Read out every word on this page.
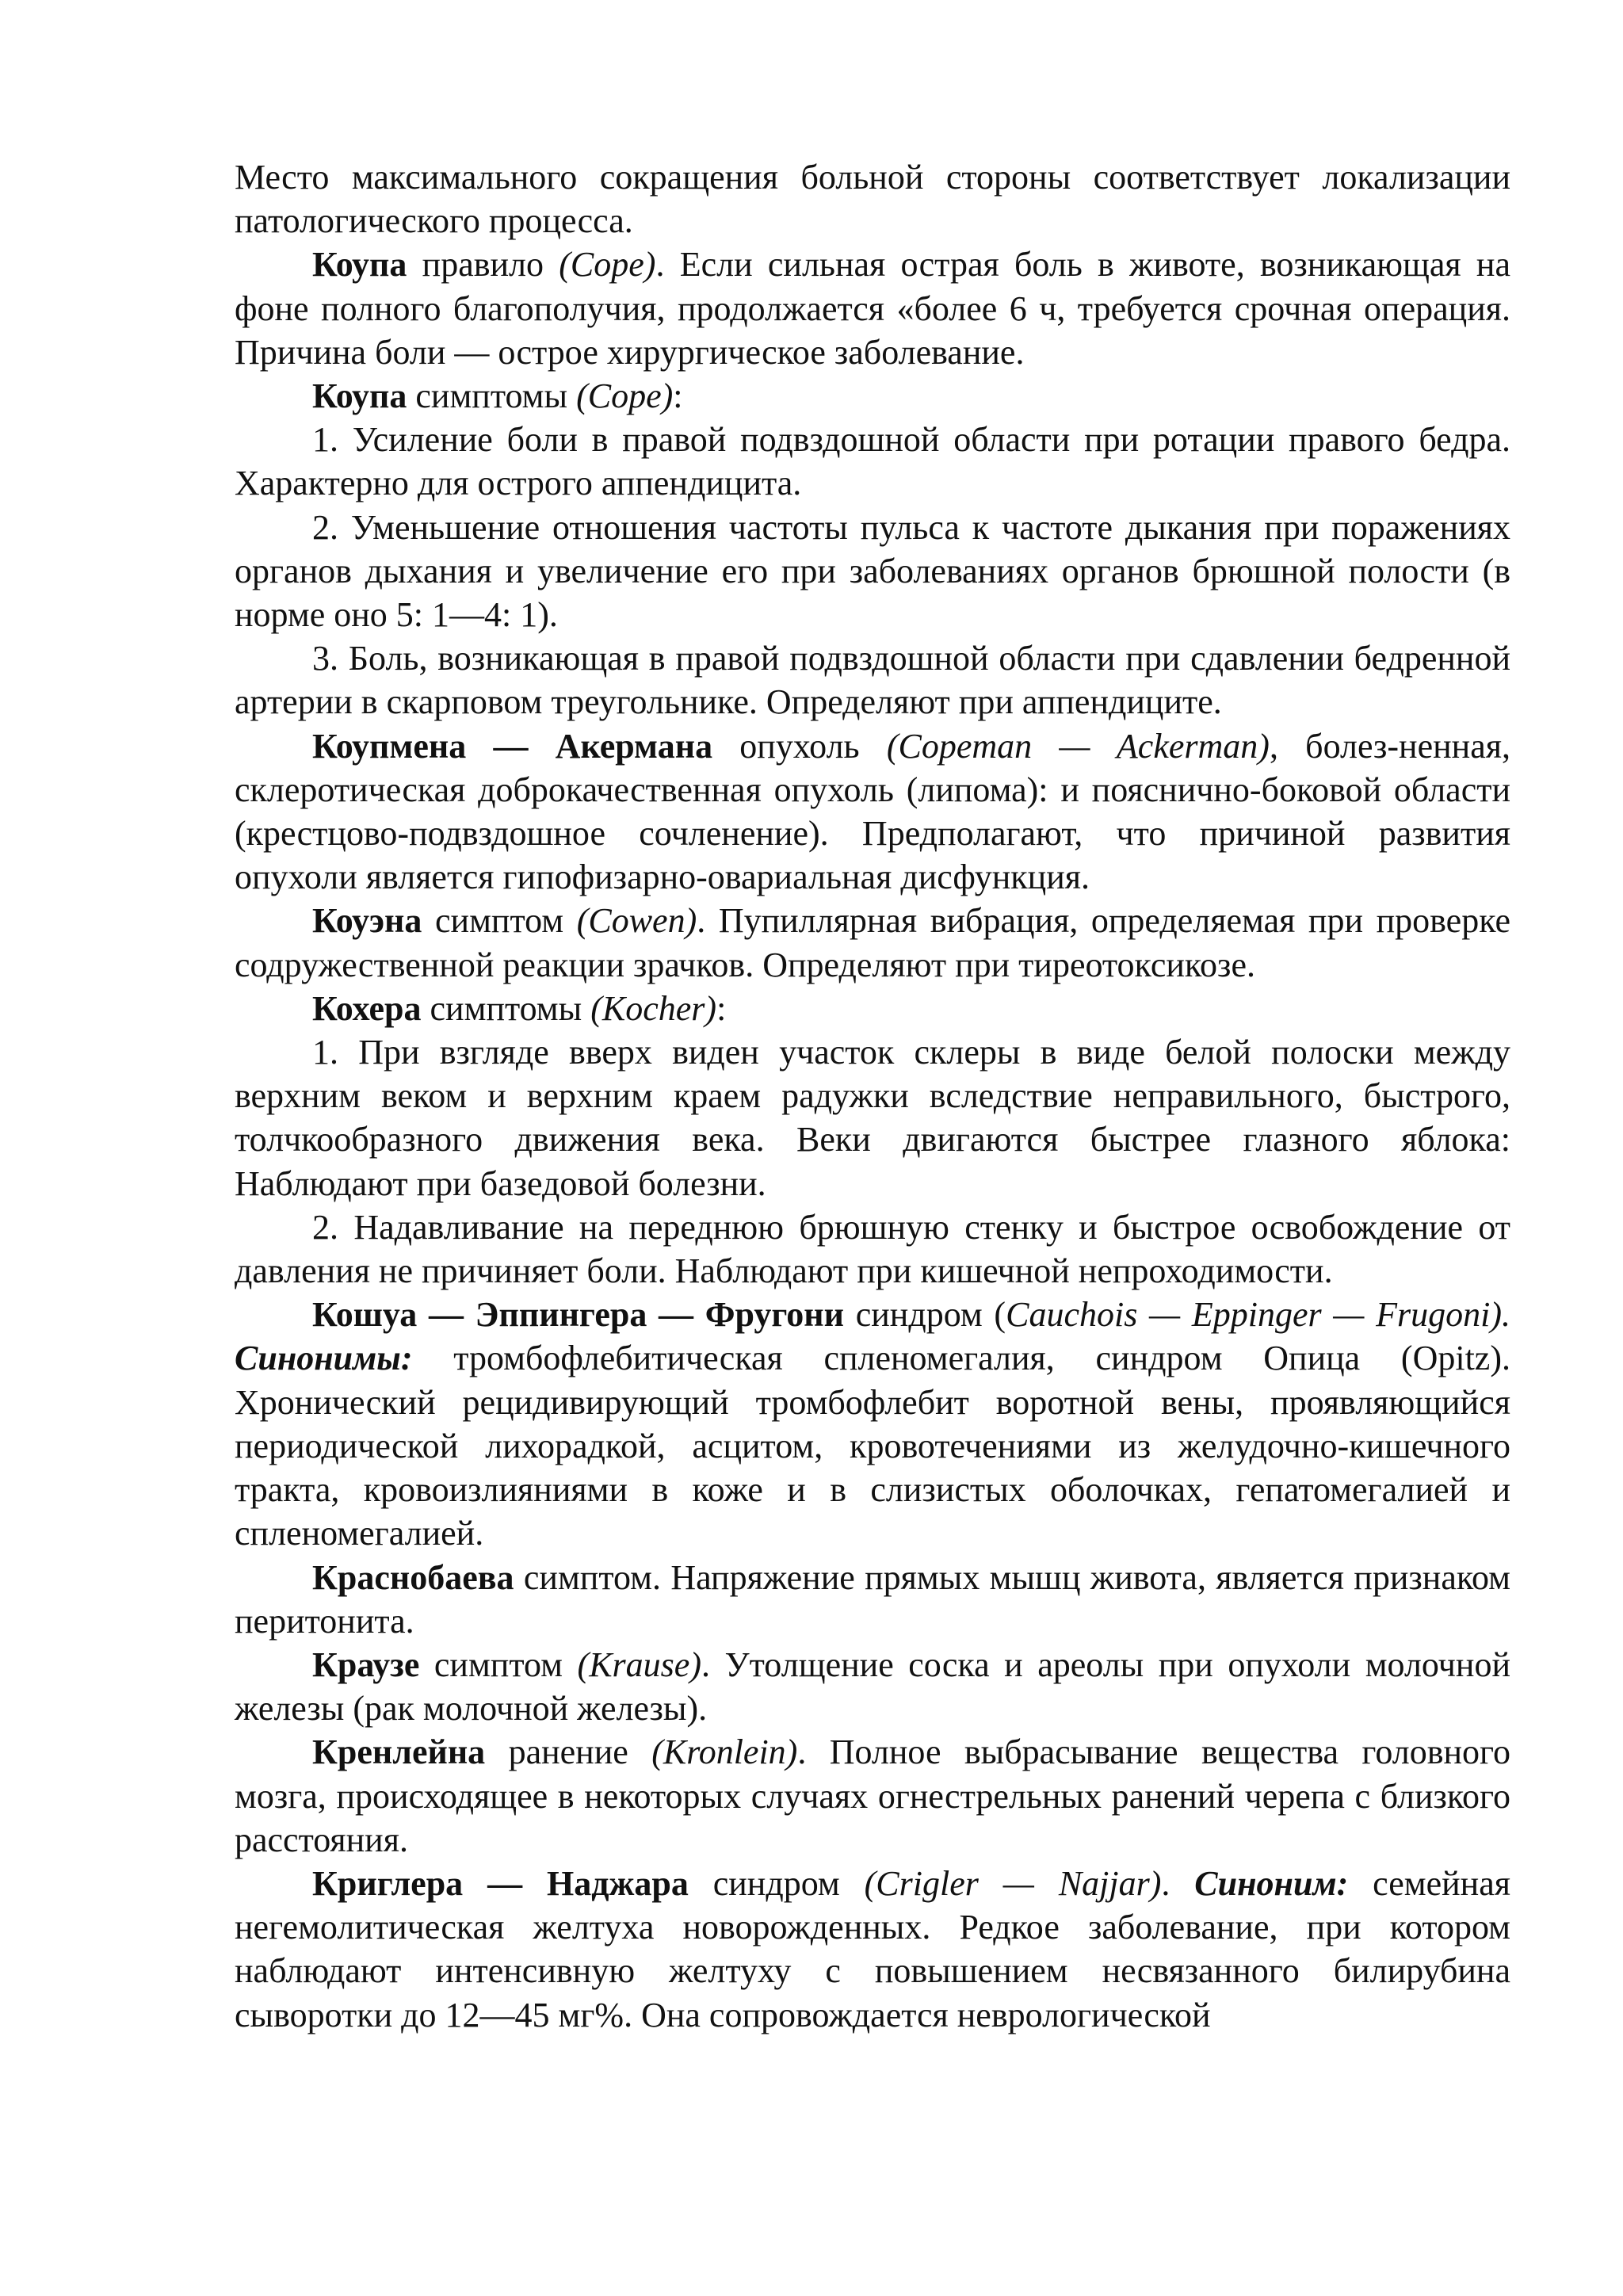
Место максимального сокращения больной стороны соответствует локализации патологического процесса.

Коупа правило (Cope). Если сильная острая боль в животе, возникающая на фоне полного благополучия, продолжается «более 6 ч, требуется срочная операция. Причина боли — острое хирургическое заболевание.

Коупа симптомы (Cope):

1. Усиление боли в правой подвздошной области при ротации правого бедра. Характерно для острого аппендицита.

2. Уменьшение отношения частоты пульса к частоте дыкания при поражениях органов дыхания и увеличение его при заболеваниях органов брюшной полости (в норме оно 5: 1—4: 1).

3. Боль, возникающая в правой подвздошной области при сдавлении бедренной артерии в скарповом треугольнике. Определяют при аппендиците.

Коупмена — Акермана опухоль (Copeman — Ackerman), болез-ненная, склеротическая доброкачественная опухоль (липома): и пояснично-боковой области (крестцово-подвздошное сочленение). Предполагают, что причиной развития опухоли является гипофизарно-овариальная дисфункция.

Коуэна симптом (Cowen). Пупиллярная вибрация, определяемая при проверке содружественной реакции зрачков. Определяют при тиреотоксикозе.

Кохера симптомы (Kocher):

1. При взгляде вверх виден участок склеры в виде белой полоски между верхним веком и верхним краем радужки вследствие неправильного, быстрого, толчкообразного движения века. Веки двигаются быстрее глазного яблока: Наблюдают при базедовой болезни.

2. Надавливание на переднюю брюшную стенку и быстрое освобождение от давления не причиняет боли. Наблюдают при кишечной непроходимости.

Кошуа — Эппингера — Фругони синдром (Cauchois — Eppinger — Frugoni). Синонимы: тромбофлебитическая спленомегалия, синдром Опица (Opitz). Хронический рецидивирующий тромбофлебит воротной вены, проявляющийся периодической лихорадкой, асцитом, кровотечениями из желудочно-кишечного тракта, кровоизлияниями в коже и в слизистых оболочках, гепатомегалией и спленомегалией.

Краснобаева симптом. Напряжение прямых мышц живота, является признаком перитонита.

Краузе симптом (Krause). Утолщение соска и ареолы при опухоли молочной железы (рак молочной железы).

Кренлейна ранение (Kronlein). Полное выбрасывание вещества головного мозга, происходящее в некоторых случаях огнестрельных ранений черепа с близкого расстояния.

Криглера — Наджара синдром (Crigler — Najjar). Синоним: семейная негемолитическая желтуха новорожденных. Редкое заболевание, при котором наблюдают интенсивную желтуху с повышением несвязанного билирубина сыворотки до 12—45 мг%. Она сопровождается неврологической
